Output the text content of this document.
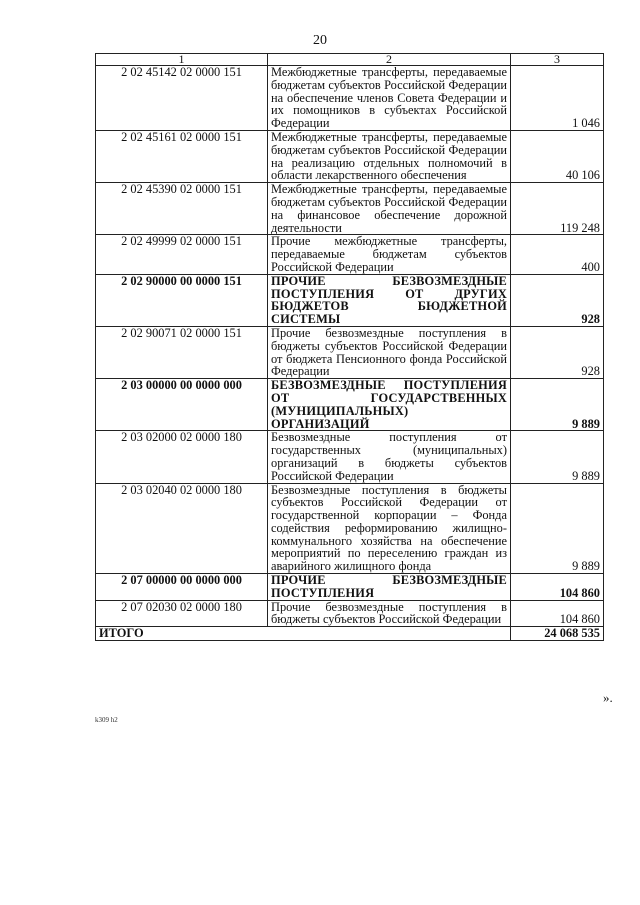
20
1	2	3
2 02 45142 02 0000 151	Межбюджетные трансферты, передаваемые бюджетам субъектов Российской Федерации на обеспечение членов Совета Федерации и их помощников в субъектах Российской Федерации	1 046
2 02 45161 02 0000 151	Межбюджетные трансферты, передаваемые бюджетам субъектов Российской Федерации на реализацию отдельных полномочий в области лекарственного обеспечения	40 106
2 02 45390 02 0000 151	Межбюджетные трансферты, передаваемые бюджетам субъектов Российской Федерации на финансовое обеспечение дорожной деятельности	119 248
2 02 49999 02 0000 151	Прочие межбюджетные трансферты, передаваемые бюджетам субъектов Российской Федерации	400
2 02 90000 00 0000 151	ПРОЧИЕ БЕЗВОЗМЕЗДНЫЕ ПОСТУПЛЕНИЯ ОТ ДРУГИХ БЮДЖЕТОВ БЮДЖЕТНОЙ СИСТЕМЫ	928
2 02 90071 02 0000 151	Прочие безвозмездные поступления в бюджеты субъектов Российской Федерации от бюджета Пенсионного фонда Российской Федерации	928
2 03 00000 00 0000 000	БЕЗВОЗМЕЗДНЫЕ ПОСТУПЛЕНИЯ ОТ ГОСУДАРСТВЕННЫХ (МУНИЦИПАЛЬНЫХ) ОРГАНИЗАЦИЙ	9 889
2 03 02000 02 0000 180	Безвозмездные поступления от государственных (муниципальных) организаций в бюджеты субъектов Российской Федерации	9 889
2 03 02040 02 0000 180	Безвозмездные поступления в бюджеты субъектов Российской Федерации от государственной корпорации – Фонда содействия реформированию жилищно-коммунального хозяйства на обеспечение мероприятий по переселению граждан из аварийного жилищного фонда	9 889
2 07 00000 00 0000 000	ПРОЧИЕ БЕЗВОЗМЕЗДНЫЕ ПОСТУПЛЕНИЯ	104 860
2 07 02030 02 0000 180	Прочие безвозмездные поступления в бюджеты субъектов Российской Федерации	104 860
ИТОГО		24 068 535
».
k309 h2
